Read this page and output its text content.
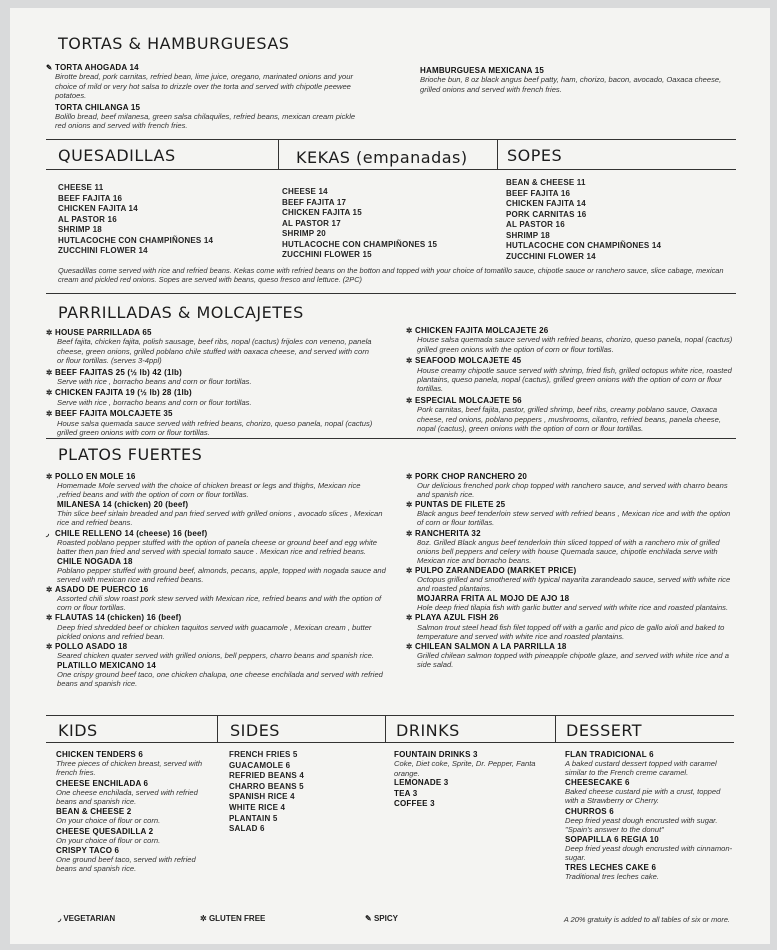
TORTAS & HAMBURGUESAS
✎ TORTA AHOGADA 14
Birotte bread, pork carnitas, refried bean, lime juice, oregano, marinated onions and your choice of mild or very hot salsa to drizzle over the torta and served with chipotle peewee potatoes.
TORTA CHILANGA 15
Bolillo bread, beef milanesa, green salsa chilaquiles, refried beans, mexican cream pickle red onions and served with french fries.
HAMBURGUESA MEXICANA 15
Brioche bun, 8 oz black angus beef patty, ham, chorizo, bacon, avocado, Oaxaca cheese, grilled onions and served with french fries.
QUESADILLAS	KEKAS (empanadas) SOPES
CHEESE 11
BEEF FAJITA 16
CHICKEN FAJITA 14
AL PASTOR 16
SHRIMP 18
HUTLACOCHE CON CHAMPIÑONES 14
ZUCCHINI FLOWER 14
CHEESE 14
BEEF FAJITA 17
CHICKEN FAJITA 15
AL PASTOR 17
SHRIMP 20
HUTLACOCHE CON CHAMPIÑONES 15
ZUCCHINI FLOWER 15
BEAN & CHEESE 11
BEEF FAJITA 16
CHICKEN FAJITA 14
PORK CARNITAS 16
AL PASTOR 16
SHRIMP 18
HUTLACOCHE CON CHAMPIÑONES 14
ZUCCHINI FLOWER 14
Quesadillas come served with rice and refried beans. Kekas come with refried beans on the botton and topped with your choice of tomatillo sauce, chipotle sauce or ranchero sauce, slice cabage, mexican cream and pickled red onions. Sopes are served with beans, queso fresco and lettuce. (2PC)
PARRILLADAS & MOLCAJETES
✲ HOUSE PARRILLADA 65
Beef fajita, chicken fajita, polish sausage, beef ribs, nopal (cactus) frijoles con veneno, panela cheese, green onions, grilled poblano chile stuffed with oaxaca cheese, and served with corn or flour tortillas. (serves 3-4ppl)
✲ BEEF FAJITAS 25 (½ lb) 42 (1lb)
Serve with rice , borracho beans and corn or flour tortillas.
✲ CHICKEN FAJITA 19 (½ lb) 28 (1lb)
Serve with rice , borracho beans and corn or flour tortillas.
✲ BEEF FAJITA MOLCAJETE 35
House salsa quemada sauce served with refried beans, chorizo, queso panela, nopal (cactus) grilled green onions with corn or flour tortillas.
✲ CHICKEN FAJITA MOLCAJETE 26
House salsa quemada sauce served with refried beans, chorizo, queso panela, nopal (cactus) grilled green onions with the option of corn or flour tortillas.
✲ SEAFOOD MOLCAJETE 45
House creamy chipotle sauce served with shrimp, fried fish, grilled octopus white rice, roasted plantains, queso panela, nopal (cactus), grilled green onions with the option of corn or flour tortillas.
✲ ESPECIAL MOLCAJETE 56
Pork carnitas, beef fajita, pastor, grilled shrimp, beef ribs, creamy poblano sauce, Oaxaca cheese, red onions, poblano peppers , mushrooms, cilantro, refried beans, panela cheese, nopal (cactus), green onions with the option of corn or flour tortillas.
PLATOS FUERTES
✲ POLLO EN MOLE 16
Homemade Mole served with the choice of chicken breast or legs and thighs, Mexican rice ,refried beans and with the option of corn or flour tortillas.
MILANESA 14 (chicken) 20 (beef)
Thin slice beef sirlain breaded and pan fried served with grilled onions , avocado slices , Mexican rice and refried beans.
◞ CHILE RELLENO 14 (cheese) 16 (beef)
Roasted poblano pepper stuffed with the option of panela cheese or ground beef and egg white batter then pan fried and served with special tomato sauce . Mexican rice and refried beans.
CHILE NOGADA 18
Poblano pepper stuffed with ground beef, almonds, pecans, apple, topped with nogada sauce and served with mexican rice and refried beans.
✲ ASADO DE PUERCO 16
Assorted chili slow roast pork stew served with Mexican rice, refried beans and with the option of corn or flour tortillas.
✲ FLAUTAS 14 (chicken) 16 (beef)
Deep fried shredded beef or chicken taquitos served with guacamole , Mexican cream , butter pickled onions and refried bean.
✲ POLLO ASADO 18
Seared chicken quater served with grilled onions, bell peppers, charro beans and spanish rice.
PLATILLO MEXICANO 14
One crispy ground beef taco, one chicken chalupa, one cheese enchilada and served with refried beans and spanish rice.
✲ PORK CHOP RANCHERO 20
Our delicious frenched pork chop topped with ranchero sauce, and served with charro beans and spanish rice.
✲ PUNTAS DE FILETE 25
Black angus beef tenderloin stew served with refried beans , Mexican rice and with the option of corn or flour tortillas.
✲ RANCHERITA 32
8oz. Grilled Black angus beef tenderloin thin sliced topped of with a ranchero mix of grilled onions bell peppers and celery with house Quemada sauce, chipotle enchilada serve with Mexican rice and borracho beans.
✲ PULPO ZARANDEADO (MARKET PRICE)
Octopus grilled and smothered with typical nayarita zarandeado sauce, served with white rice and roasted plantains.
MOJARRA FRITA AL MOJO DE AJO 18
Hole deep fried tilapia fish with garlic butter and served with white rice and roasted plantains.
✲ PLAYA AZUL FISH 26
Salmon trout steel head fish filet topped off with a garlic and pico de gallo aioli and baked to temperature and served with white rice and roasted plantains.
✲ CHILEAN SALMON A LA PARRILLA 18
Grilled chilean salmon topped with pineapple chipotle glaze, and served with white rice and a side salad.
KIDS	SIDES	DRINKS	DESSERT
CHICKEN TENDERS 6
Three pieces of chicken breast, served with french fries.
CHEESE ENCHILADA 6
One cheese enchilada, served with refried beans and spanish rice.
BEAN & CHEESE 2
On your choice of flour or corn.
CHEESE QUESADILLA 2
On your choice of flour or corn.
CRISPY TACO 6
One ground beef taco, served with refried beans and spanish rice.
FRENCH FRIES 5
GUACAMOLE 6
REFRIED BEANS 4
CHARRO BEANS 5
SPANISH RICE 4
WHITE RICE 4
PLANTAIN 5
SALAD 6
FOUNTAIN DRINKS 3
Coke, Diet coke, Sprite, Dr. Pepper, Fanta orange.
LEMONADE 3
TEA 3
COFFEE 3
FLAN TRADICIONAL 6
A baked custard dessert topped with caramel similar to the French creme caramel.
CHEESECAKE 6
Baked cheese custard pie with a crust, topped with a Strawberry or Cherry.
CHURROS 6
Deep fried yeast dough encrusted with sugar. "Spain's answer to the donut"
SOPAPILLA 6 REGIA 10
Deep fried yeast dough encrusted with cinnamon-sugar.
TRES LECHES CAKE 6
Traditional tres leches cake.
◞ VEGETARIAN	✲ GLUTEN FREE	✎ SPICY	A 20% gratuity is added to all tables of six or more.
